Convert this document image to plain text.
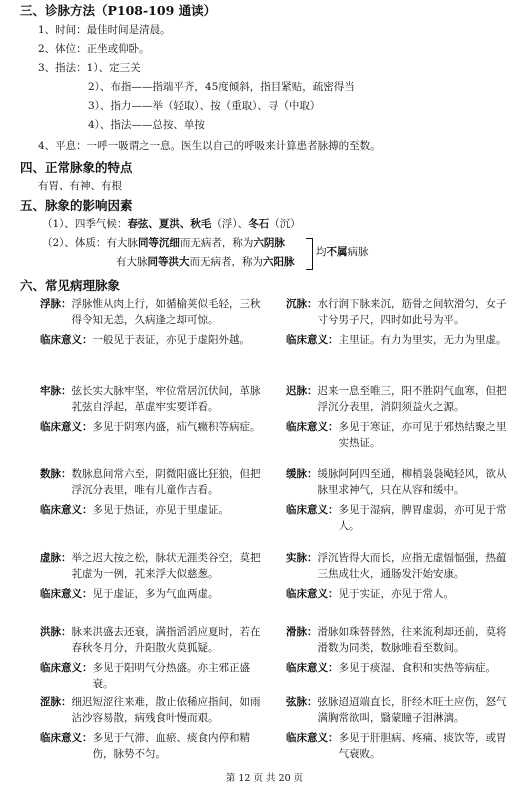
三、诊脉方法（P108-109 通读）
1、时间：最佳时间是清晨。
2、体位：正坐或仰卧。
3、指法：1）、定三关
2）、布指——指端平齐，45度倾斜，指目紧贴，疏密得当
3）、指力——举（轻取）、按（重取）、寻（中取）
4）、指法——总按、单按
4、平息：一呼一吸谓之一息。医生以自己的呼吸来计算患者脉搏的至数。
四、正常脉象的特点
有胃、有神、有根
五、脉象的影响因素
（1）、四季气候：春弦、夏洪、秋毛（浮）、冬石（沉）
（2）、体质：有大脉同等沉细而无病者，称为六阴脉
有大脉同等洪大而无病者，称为六阳脉
均不属病脉
六、常见病理脉象
浮脉： 浮脉惟从肉上行，如循榆荚似毛轻，三秋得令知无恙，久病逢之却可惊。
临床意义： 一般见于表证，亦见于虚阳外越。
沉脉： 水行润下脉来沉，筋骨之间软滑匀，女子寸兮男子尺，四时如此号为平。
临床意义： 主里证。有力为里实，无力为里虚。
牢脉： 弦长实大脉牢坚，牢位常居沉伏间，革脉芤弦自浮起，革虚牢实要详看。
临床意义： 多见于阴寒内盛，疝气癥积等病症。
迟脉： 迟来一息至唯三，阳不胜阴气血寒，但把浮沉分表里，消阴须益火之源。
临床意义： 多见于寒证，亦可见于邪热结聚之里实热证。
数脉： 数脉息间常六至，阴微阳盛比狂狼，但把浮沉分表里，唯有儿童作吉看。
临床意义： 多见于热证，亦见于里虚证。
缓脉： 缓脉阿阿四至通，柳梢袅袅飐轻风，欲从脉里求神气，只在从容和缓中。
临床意义： 多见于湿病，脾胃虚弱，亦可见于常人。
虚脉： 举之迟大按之松，脉状无涯类谷空，莫把芤虚为一例，芤来浮大似慈葱。
临床意义： 见于虚证，多为气血两虚。
实脉： 浮沉皆得大而长，应指无虚愊愊强，热蕴三焦成壮火，通肠发汗始安康。
临床意义： 见于实证，亦见于常人。
洪脉： 脉来洪盛去还衰，满指滔滔应夏时，若在春秋冬月分，升阳散火莫狐疑。
临床意义： 多见于阳明气分热盛。亦主邪正盛衰。
滑脉： 滑脉如珠替替然，往来流利却还前，莫将滑数为同类，数脉唯看至数间。
临床意义： 多见于痰湿、食积和实热等病症。
涩脉： 细迟短涩往来难，散止依稀应指间，如雨沾沙容易散，病残食叶慢而艰。
临床意义： 多见于气滞、血瘀、痰食内停和精伤，脉势不匀。
弦脉： 弦脉迢迢端直长，肝经木旺土应伤，怒气满胸常欲叫，翳蒙瞳子泪淋漓。
临床意义： 多见于肝胆病、疼痛、痰饮等，或胃气衰败。
第 12 页 共 20 页
